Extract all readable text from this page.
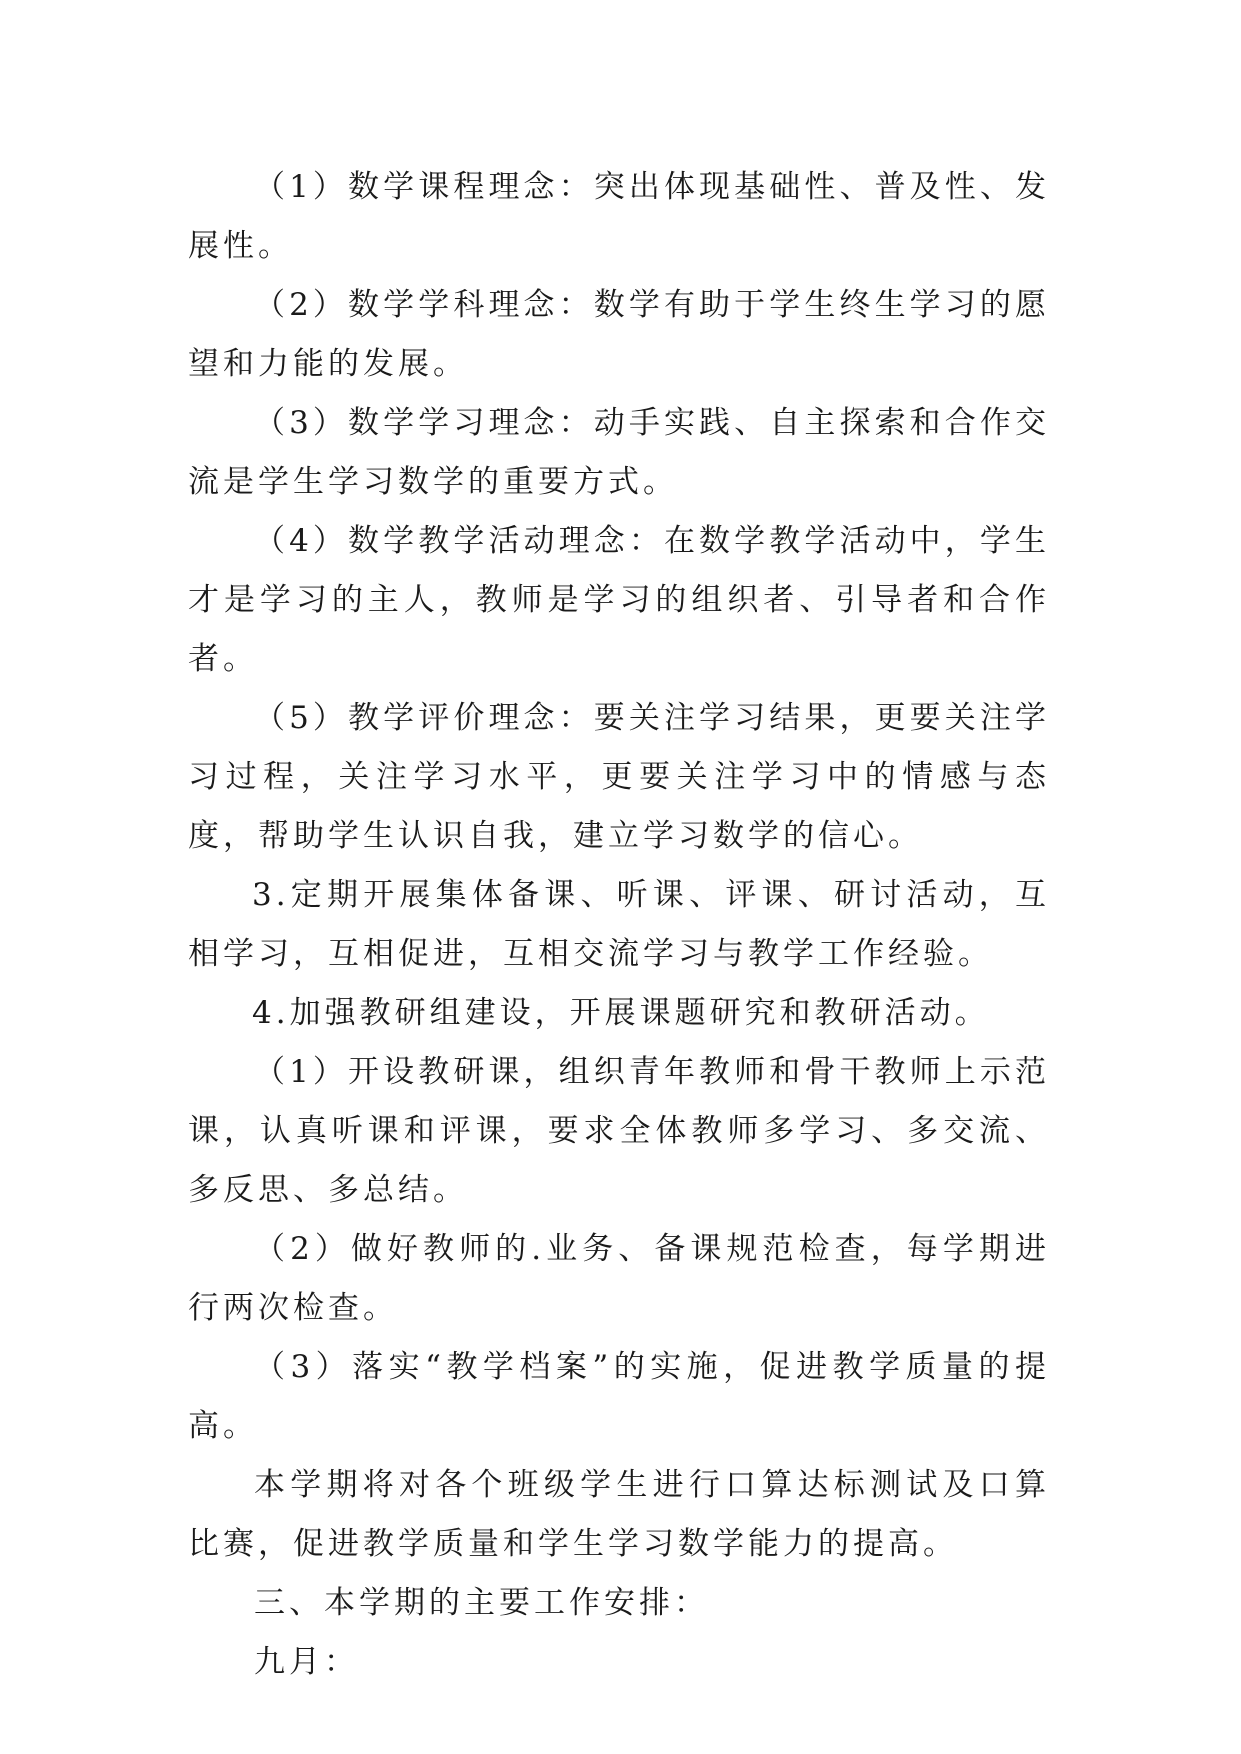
（1）数学课程理念：突出体现基础性、普及性、发展性。

（2）数学学科理念：数学有助于学生终生学习的愿望和力能的发展。

（3）数学学习理念：动手实践、自主探索和合作交流是学生学习数学的重要方式。

（4）数学教学活动理念：在数学教学活动中，学生才是学习的主人，教师是学习的组织者、引导者和合作者。

（5）教学评价理念：要关注学习结果，更要关注学习过程，关注学习水平，更要关注学习中的情感与态度，帮助学生认识自我，建立学习数学的信心。

3.定期开展集体备课、听课、评课、研讨活动，互相学习，互相促进，互相交流学习与教学工作经验。

4.加强教研组建设，开展课题研究和教研活动。

（1）开设教研课，组织青年教师和骨干教师上示范课，认真听课和评课，要求全体教师多学习、多交流、多反思、多总结。

（2）做好教师的.业务、备课规范检查，每学期进行两次检查。

（3）落实“教学档案”的实施，促进教学质量的提高。

本学期将对各个班级学生进行口算达标测试及口算比赛，促进教学质量和学生学习数学能力的提高。

三、本学期的主要工作安排：

九月：
